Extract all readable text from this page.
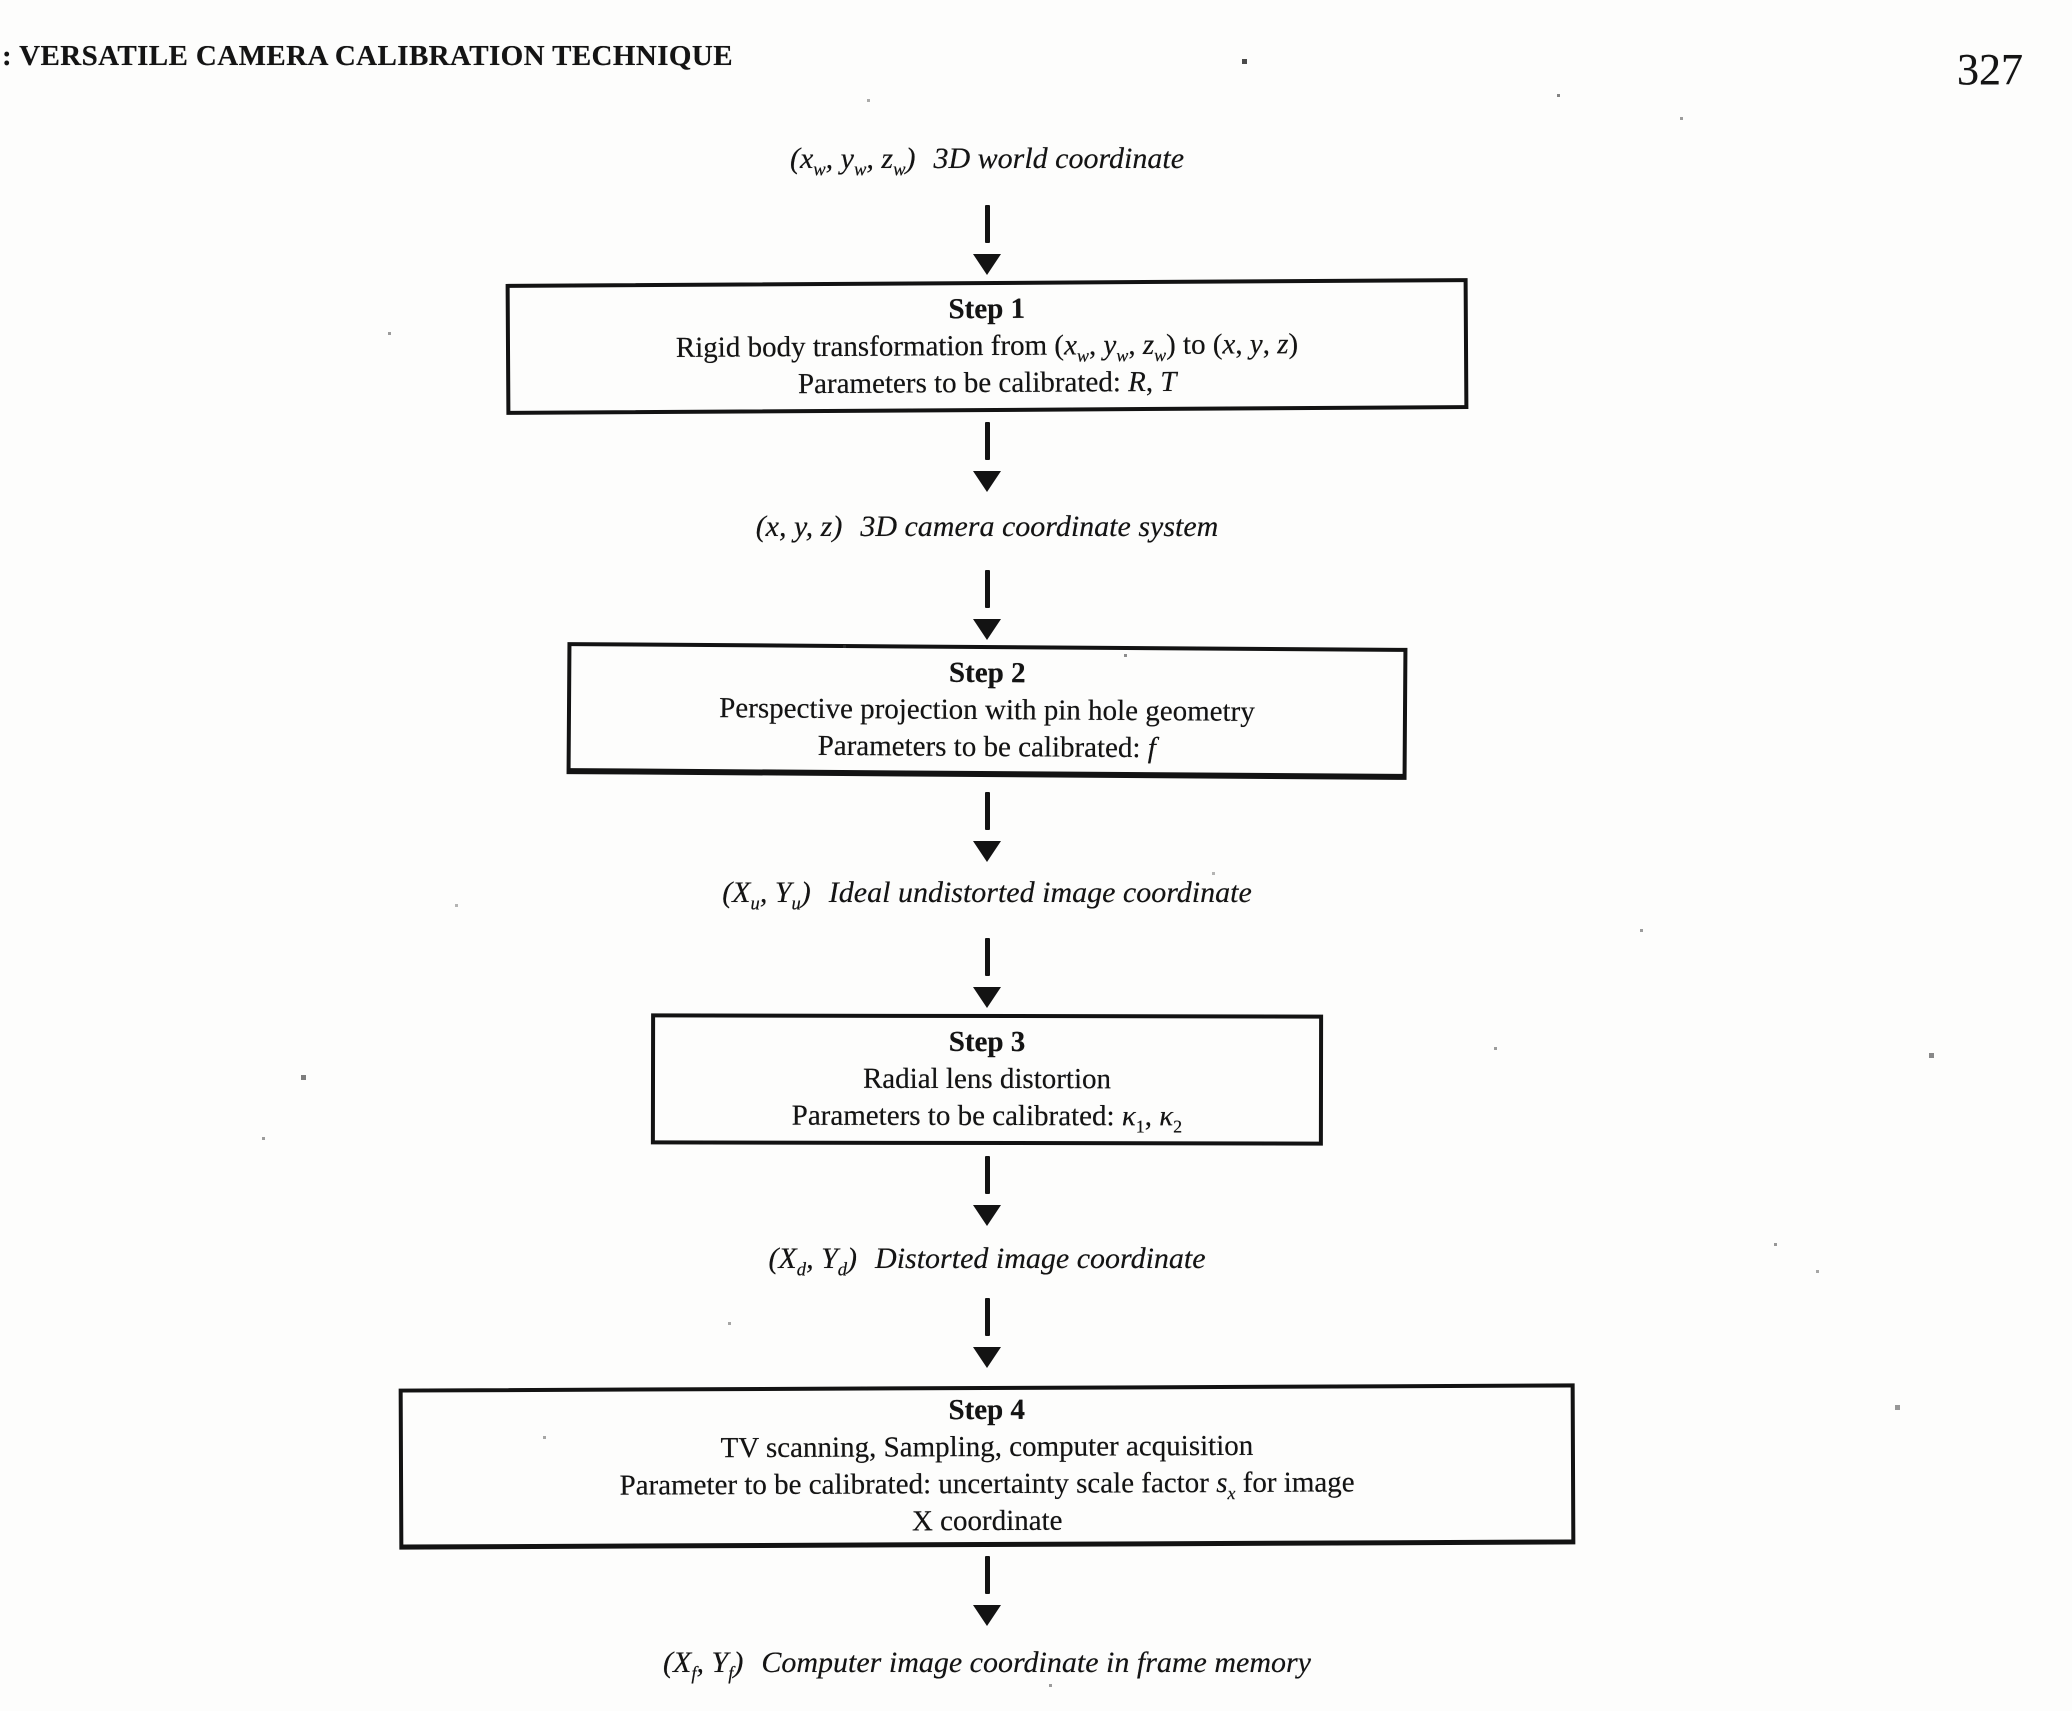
: VERSATILE CAMERA CALIBRATION TECHNIQUE	327
($x_w$, $y_w$, $z_w$) 3D world coordinate
Step 1
Rigid body transformation from ($x_w$, $y_w$, $z_w$) to (x, y, z)
Parameters to be calibrated: R, T
(x, y, z) 3D camera coordinate system
Step 2
Perspective projection with pin hole geometry
Parameters to be calibrated: f
($X_u$, $Y_u$) Ideal undistorted image coordinate
Step 3
Radial lens distortion
Parameters to be calibrated: $\kappa_1$, $\kappa_2$
($X_d$, $Y_d$) Distorted image coordinate
Step 4
TV scanning, Sampling, computer acquisition
Parameter to be calibrated: uncertainty scale factor $s_x$ for image
X coordinate
($X_f$, $Y_f$) Computer image coordinate in frame memory
